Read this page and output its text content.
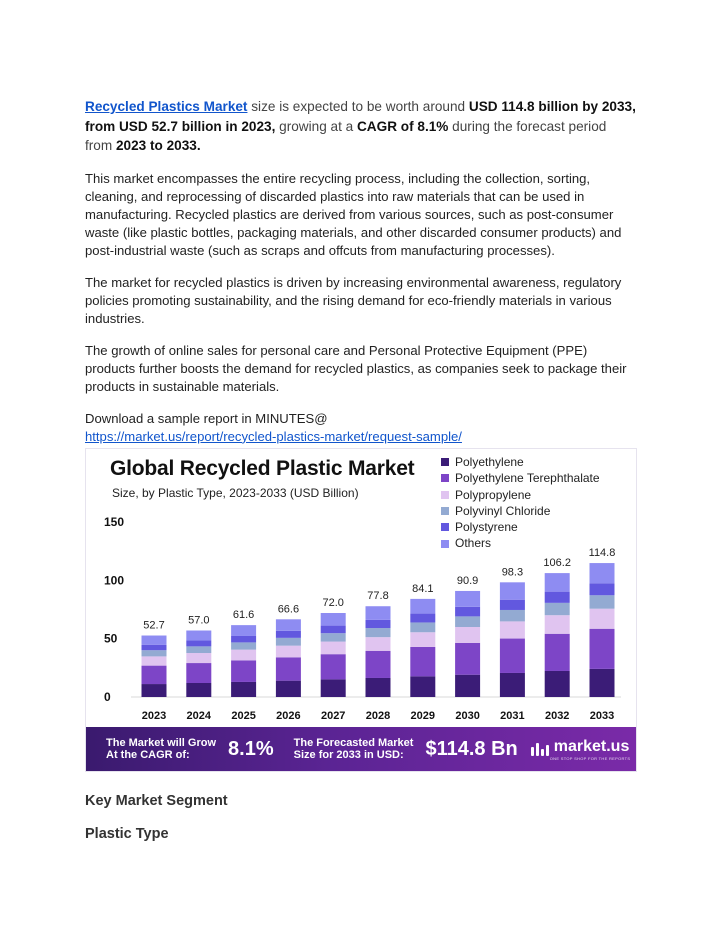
Recycled Plastics Market size is expected to be worth around USD 114.8 billion by 2033, from USD 52.7 billion in 2023, growing at a CAGR of 8.1% during the forecast period from 2023 to 2033.

This market encompasses the entire recycling process, including the collection, sorting, cleaning, and reprocessing of discarded plastics into raw materials that can be used in manufacturing. Recycled plastics are derived from various sources, such as post-consumer waste (like plastic bottles, packaging materials, and other discarded consumer products) and post-industrial waste (such as scraps and offcuts from manufacturing processes).

The market for recycled plastics is driven by increasing environmental awareness, regulatory policies promoting sustainability, and the rising demand for eco-friendly materials in various industries.

The growth of online sales for personal care and Personal Protective Equipment (PPE) products further boosts the demand for recycled plastics, as companies seek to package their products in sustainable materials.

Download a sample report in MINUTES@

https://market.us/report/recycled-plastics-market/request-sample/

Global Recycled Plastic Market
Size, by Plastic Type, 2023-2033 (USD Billion)
Polyethylene
Polyethylene Terephthalate
Polypropylene
Polyvinyl Chloride
Polystyrene
Others
0
50
100
150
52.7
2023
57.0
2024
61.6
2025
66.6
2026
72.0
2027
77.8
2028
84.1
2029
90.9
2030
98.3
2031
106.2
2032
114.8
2033
The Market will Grow
At the CAGR of:	8.1% The Forecasted Market
Size for 2033 in USD:	$114.8 Bn market.us
ONE STOP SHOP FOR THE REPORTS
Key Market Segment
Plastic Type
